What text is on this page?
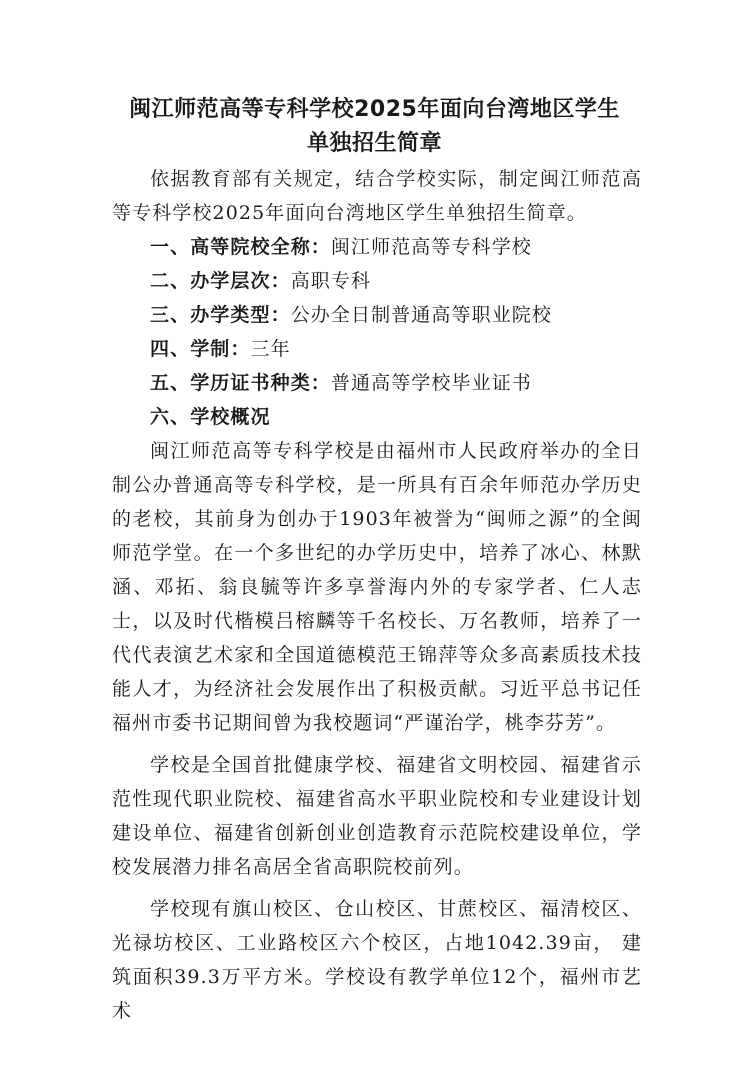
闽江师范高等专科学校2025年面向台湾地区学生
单独招生简章

依据教育部有关规定，结合学校实际，制定闽江师范高等专科学校2025年面向台湾地区学生单独招生简章。

一、高等院校全称：闽江师范高等专科学校

二、办学层次：高职专科

三、办学类型：公办全日制普通高等职业院校

四、学制：三年

五、学历证书种类：普通高等学校毕业证书

六、学校概况

闽江师范高等专科学校是由福州市人民政府举办的全日制公办普通高等专科学校，是一所具有百余年师范办学历史的老校，其前身为创办于1903年被誉为“闽师之源”的全闽师范学堂。在一个多世纪的办学历史中，培养了冰心、林默涵、邓拓、翁良毓等许多享誉海内外的专家学者、仁人志士，以及时代楷模吕榕麟等千名校长、万名教师，培养了一代代表演艺术家和全国道德模范王锦萍等众多高素质技术技能人才，为经济社会发展作出了积极贡献。习近平总书记任福州市委书记期间曾为我校题词“严谨治学，桃李芬芳”。

学校是全国首批健康学校、福建省文明校园、福建省示范性现代职业院校、福建省高水平职业院校和专业建设计划建设单位、福建省创新创业创造教育示范院校建设单位，学校发展潜力排名高居全省高职院校前列。

学校现有旗山校区、仓山校区、甘蔗校区、福清校区、光禄坊校区、工业路校区六个校区，占地1042.39亩， 建筑面积39.3万平方米。学校设有教学单位12个，福州市艺术
